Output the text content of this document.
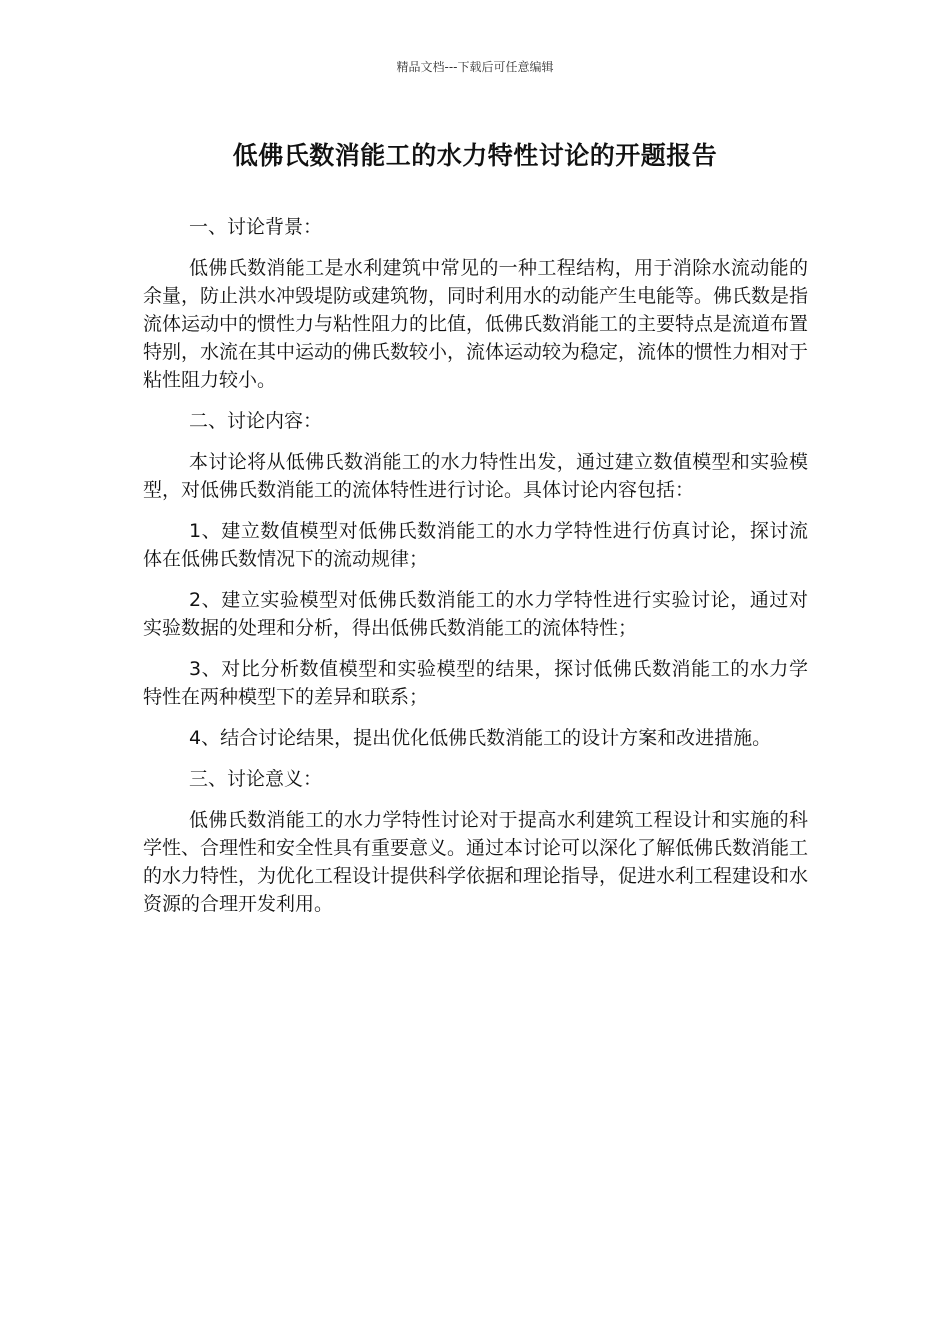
精品文档---下载后可任意编辑
低佛氏数消能工的水力特性讨论的开题报告
一、讨论背景：

低佛氏数消能工是水利建筑中常见的一种工程结构，用于消除水流动能的余量，防止洪水冲毁堤防或建筑物，同时利用水的动能产生电能等。佛氏数是指流体运动中的惯性力与粘性阻力的比值，低佛氏数消能工的主要特点是流道布置特别，水流在其中运动的佛氏数较小，流体运动较为稳定，流体的惯性力相对于粘性阻力较小。

二、讨论内容：

本讨论将从低佛氏数消能工的水力特性出发，通过建立数值模型和实验模型，对低佛氏数消能工的流体特性进行讨论。具体讨论内容包括：

1、建立数值模型对低佛氏数消能工的水力学特性进行仿真讨论，探讨流体在低佛氏数情况下的流动规律；

2、建立实验模型对低佛氏数消能工的水力学特性进行实验讨论，通过对实验数据的处理和分析，得出低佛氏数消能工的流体特性；

3、对比分析数值模型和实验模型的结果，探讨低佛氏数消能工的水力学特性在两种模型下的差异和联系；

4、结合讨论结果，提出优化低佛氏数消能工的设计方案和改进措施。

三、讨论意义：

低佛氏数消能工的水力学特性讨论对于提高水利建筑工程设计和实施的科学性、合理性和安全性具有重要意义。通过本讨论可以深化了解低佛氏数消能工的水力特性，为优化工程设计提供科学依据和理论指导，促进水利工程建设和水资源的合理开发利用。
